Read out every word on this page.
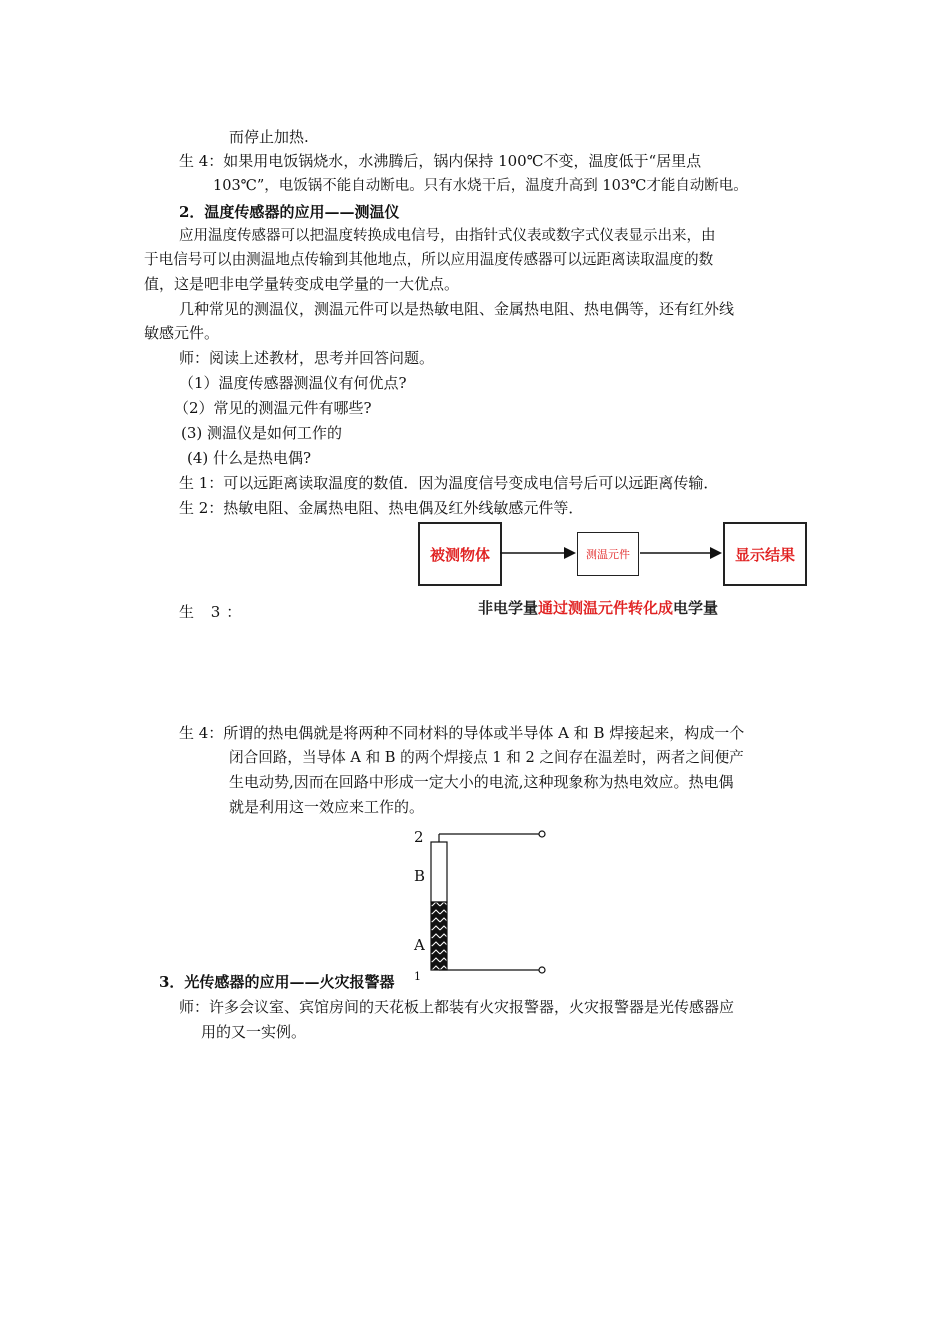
而停止加热.
生 4：如果用电饭锅烧水，水沸腾后，锅内保持 100℃不变，温度低于“居里点
103℃”，电饭锅不能自动断电。只有水烧干后，温度升高到 103℃才能自动断电。
2．温度传感器的应用——测温仪
应用温度传感器可以把温度转换成电信号，由指针式仪表或数字式仪表显示出来，由
于电信号可以由测温地点传输到其他地点，所以应用温度传感器可以远距离读取温度的数
值，这是吧非电学量转变成电学量的一大优点。
几种常见的测温仪，测温元件可以是热敏电阻、金属热电阻、热电偶等，还有红外线
敏感元件。
师：阅读上述教材，思考并回答问题。
（1）温度传感器测温仪有何优点?
（2）常见的测温元件有哪些?
(3) 测温仪是如何工作的
(4) 什么是热电偶?
生 1：可以远距离读取温度的数值．因为温度信号变成电信号后可以远距离传输．
生 2：热敏电阻、金属热电阻、热电偶及红外线敏感元件等．
生 3：
被测物体	测温元件	显示结果
非电学量通过测温元件转化成电学量
生 4：所谓的热电偶就是将两种不同材料的导体或半导体 A 和 B 焊接起来，构成一个
闭合回路，当导体 A 和 B 的两个焊接点 1 和 2 之间存在温差时，两者之间便产
生电动势,因而在回路中形成一定大小的电流,这种现象称为热电效应。热电偶
就是利用这一效应来工作的。
2
B
A
1
3．光传感器的应用——火灾报警器
师：许多会议室、宾馆房间的天花板上都装有火灾报警器，火灾报警器是光传感器应
用的又一实例。
